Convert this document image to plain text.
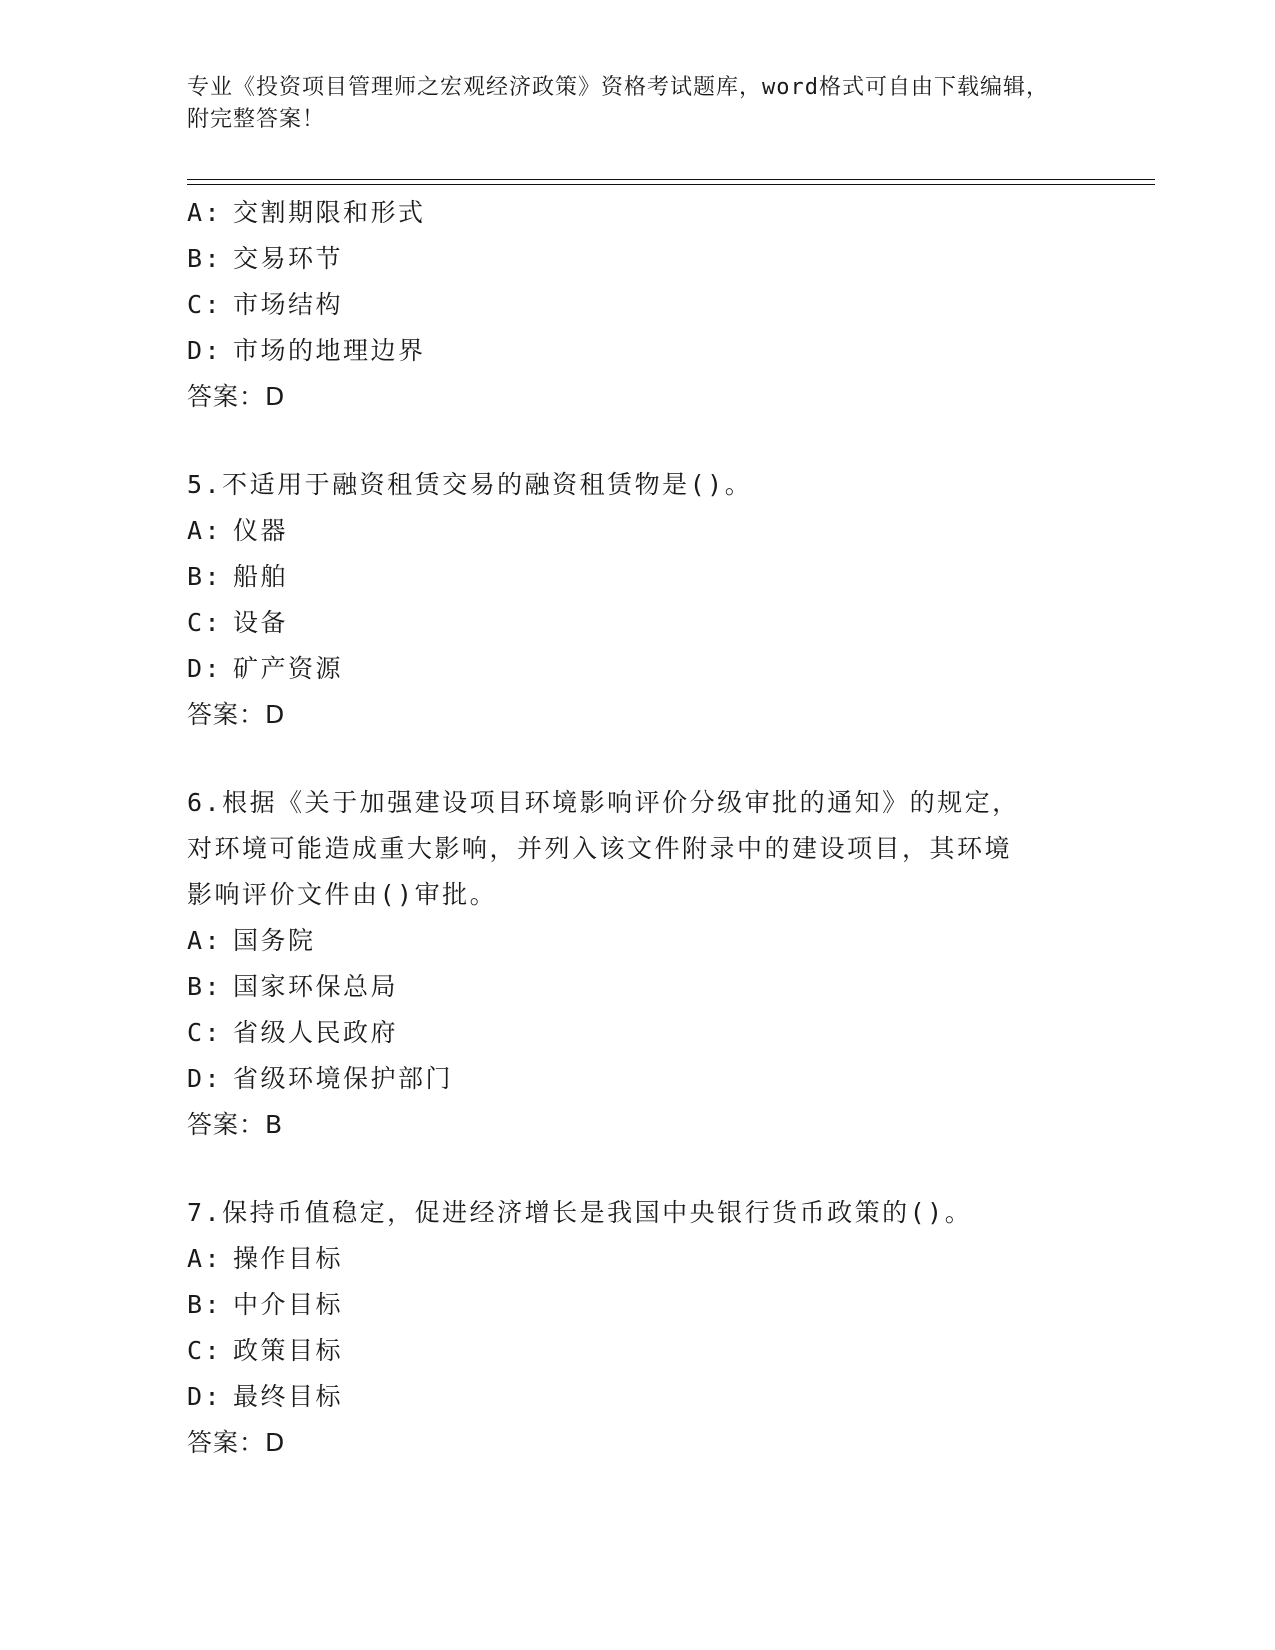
专业《投资项目管理师之宏观经济政策》资格考试题库，word格式可自由下载编辑，附完整答案！
A: 交割期限和形式
B: 交易环节
C: 市场结构
D: 市场的地理边界
答案：D
5.不适用于融资租赁交易的融资租赁物是()。
A: 仪器
B: 船舶
C: 设备
D: 矿产资源
答案：D
6.根据《关于加强建设项目环境影响评价分级审批的通知》的规定，
对环境可能造成重大影响，并列入该文件附录中的建设项目，其环境
影响评价文件由()审批。
A: 国务院
B: 国家环保总局
C: 省级人民政府
D: 省级环境保护部门
答案：B
7.保持币值稳定，促进经济增长是我国中央银行货币政策的()。
A: 操作目标
B: 中介目标
C: 政策目标
D: 最终目标
答案：D
